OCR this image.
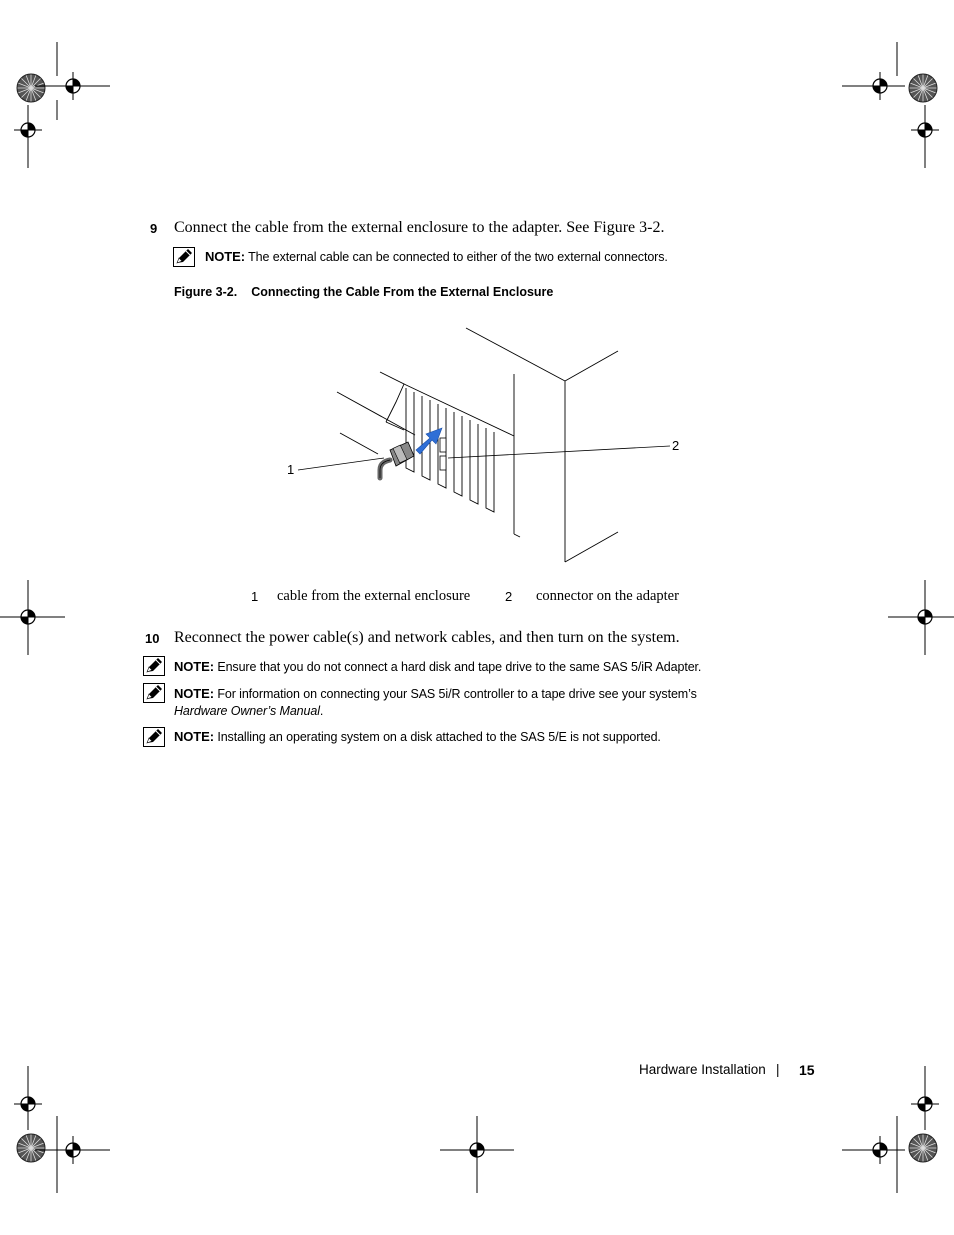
9 Connect the cable from the external enclosure to the adapter. See Figure 3-2.
NOTE: The external cable can be connected to either of the two external connectors.
Figure 3-2. Connecting the Cable From the External Enclosure
1
2
1 cable from the external enclosure	2 connector on the adapter
10 Reconnect the power cable(s) and network cables, and then turn on the system.
NOTE: Ensure that you do not connect a hard disk and tape drive to the same SAS 5/iR Adapter.
NOTE: For information on connecting your SAS 5i/R controller to a tape drive see your system’s
Hardware Owner’s Manual.
NOTE: Installing an operating system on a disk attached to the SAS 5/E is not supported.
Hardware Installation | 15
